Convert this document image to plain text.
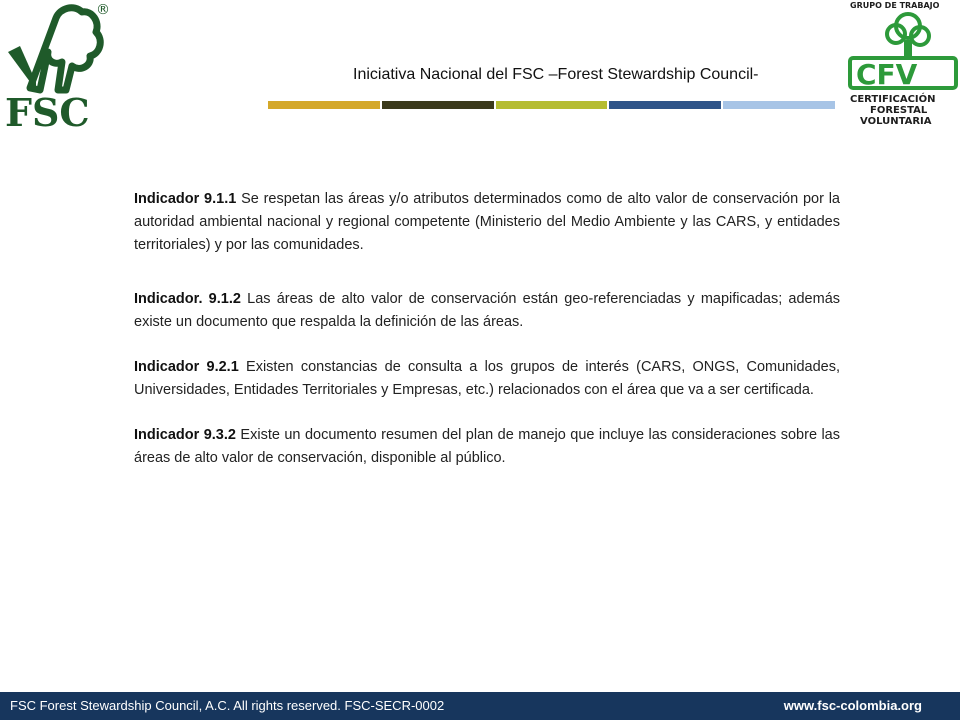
FSC
®	GRUPO DE TRABAJO
CFV
CERTIFICACIÓN
FORESTAL
VOLUNTARIA
Iniciativa Nacional del FSC –Forest Stewardship Council-

Indicador 9.1.1 Se respetan las áreas y/o atributos determinados como de alto valor de conservación por la autoridad ambiental nacional y regional competente (Ministerio del Medio Ambiente y las CARS, y entidades territoriales) y por las comunidades.

Indicador. 9.1.2 Las áreas de alto valor de conservación están geo-referenciadas y mapificadas; además existe un documento que respalda la definición de las áreas.

Indicador 9.2.1 Existen constancias de consulta a los grupos de interés (CARS, ONGS, Comunidades, Universidades, Entidades Territoriales y Empresas, etc.) relacionados con el área que va a ser certificada.

Indicador 9.3.2 Existe un documento resumen del plan de manejo que incluye las consideraciones sobre las áreas de alto valor de conservación, disponible al público.

FSC Forest Stewardship Council, A.C. All rights reserved. FSC-SECR-0002	www.fsc-colombia.org
